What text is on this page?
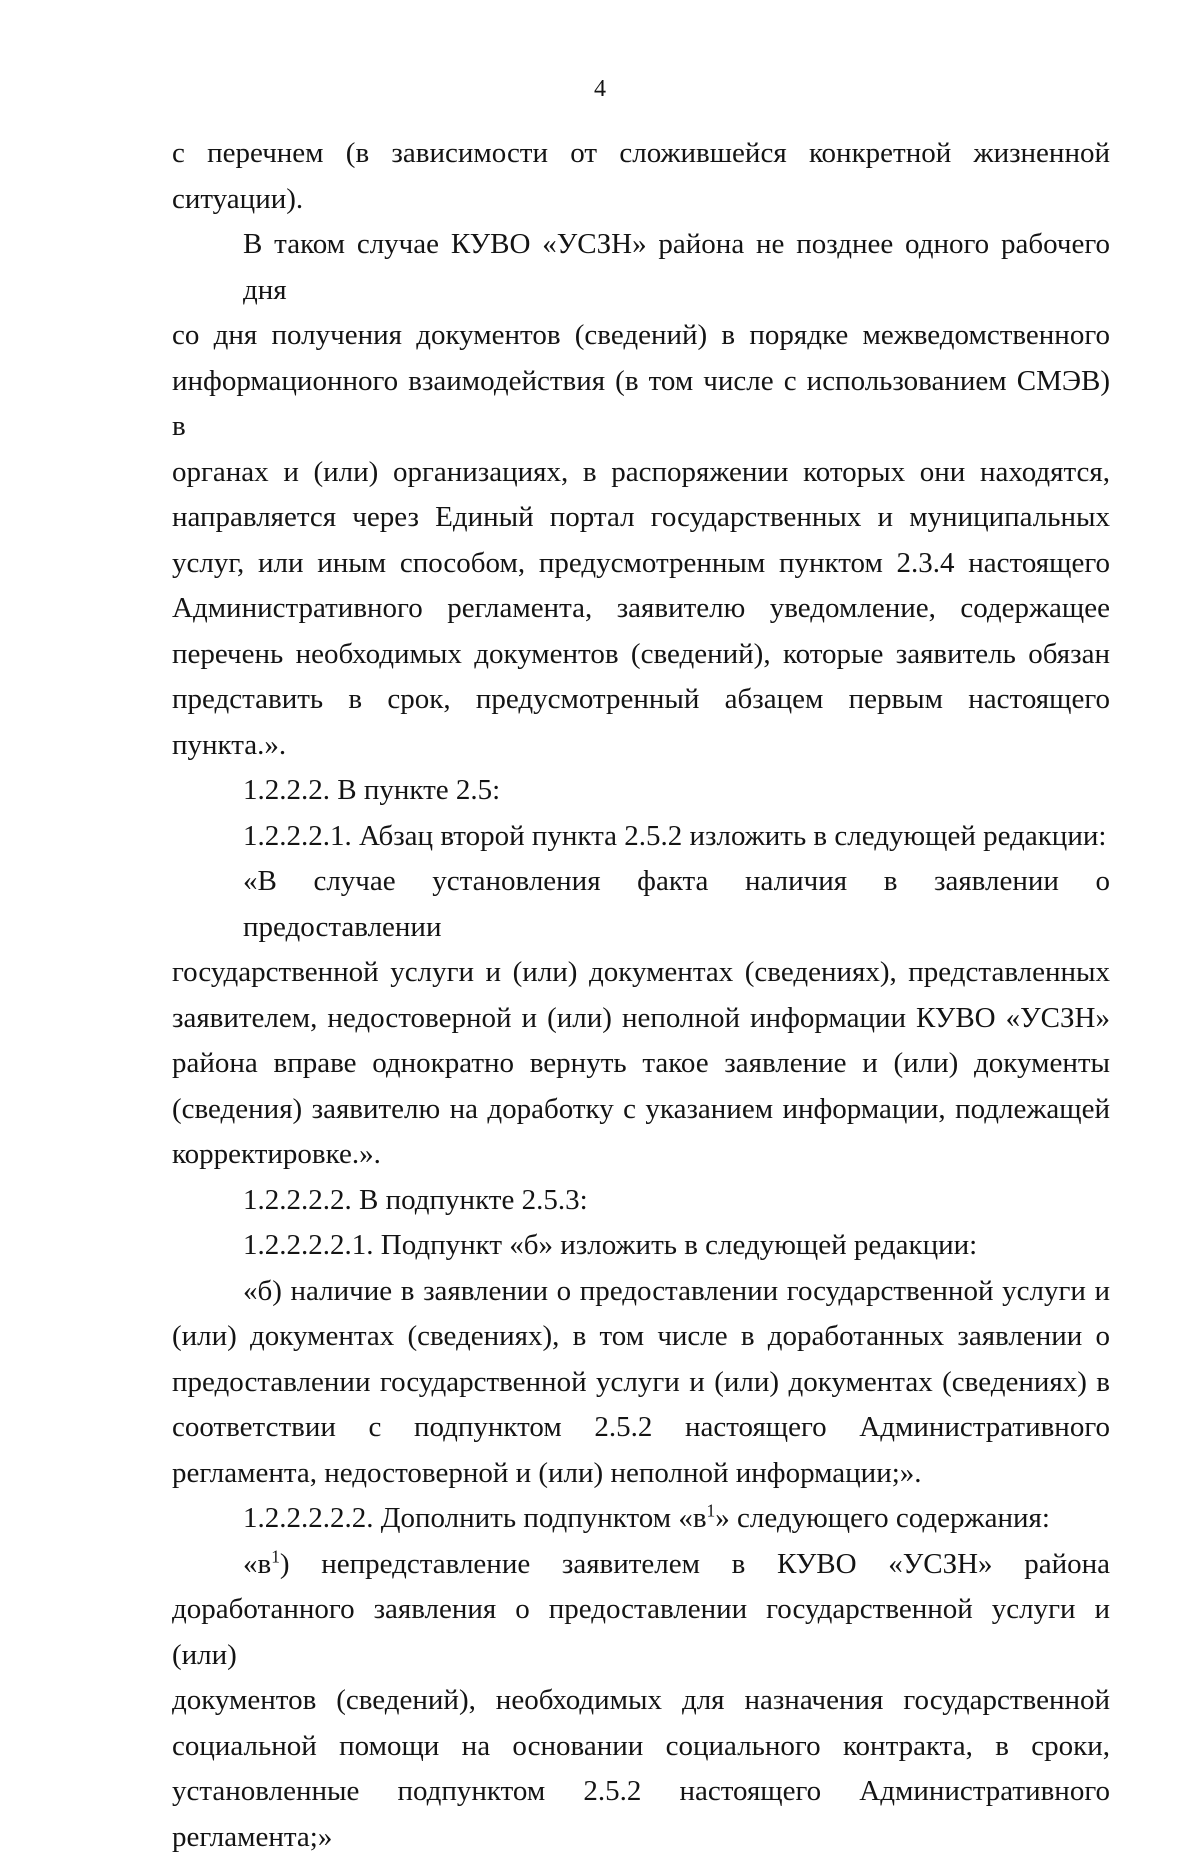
4
с перечнем (в зависимости от сложившейся конкретной жизненной
ситуации).
В таком случае КУВО «УСЗН» района не позднее одного рабочего дня
со дня получения документов (сведений) в порядке межведомственного
информационного взаимодействия (в том числе с использованием СМЭВ) в
органах и (или) организациях, в распоряжении которых они находятся,
направляется через Единый портал государственных и муниципальных
услуг, или иным способом, предусмотренным пунктом 2.3.4 настоящего
Административного регламента, заявителю уведомление, содержащее
перечень необходимых документов (сведений), которые заявитель обязан
представить в срок, предусмотренный абзацем первым настоящего пункта.».

1.2.2.2. В пункте 2.5:

1.2.2.2.1. Абзац второй пункта 2.5.2 изложить в следующей редакции:

«В случае установления факта наличия в заявлении о предоставлении
государственной услуги и (или) документах (сведениях), представленных
заявителем, недостоверной и (или) неполной информации КУВО «УСЗН»
района вправе однократно вернуть такое заявление и (или) документы
(сведения) заявителю на доработку с указанием информации, подлежащей
корректировке.».

1.2.2.2.2. В подпункте 2.5.3:

1.2.2.2.2.1. Подпункт «б» изложить в следующей редакции:

«б) наличие в заявлении о предоставлении государственной услуги и
(или) документах (сведениях), в том числе в доработанных заявлении о
предоставлении государственной услуги и (или) документах (сведениях) в
соответствии с подпунктом 2.5.2 настоящего Административного
регламента, недостоверной и (или) неполной информации;».

1.2.2.2.2.2. Дополнить подпунктом «$в^1$» следующего содержания:

«$в^1$) непредставление заявителем в КУВО «УСЗН» района
доработанного заявления о предоставлении государственной услуги и (или)
документов (сведений), необходимых для назначения государственной
социальной помощи на основании социального контракта, в сроки,
установленные подпунктом 2.5.2 настоящего Административного
регламента;»
